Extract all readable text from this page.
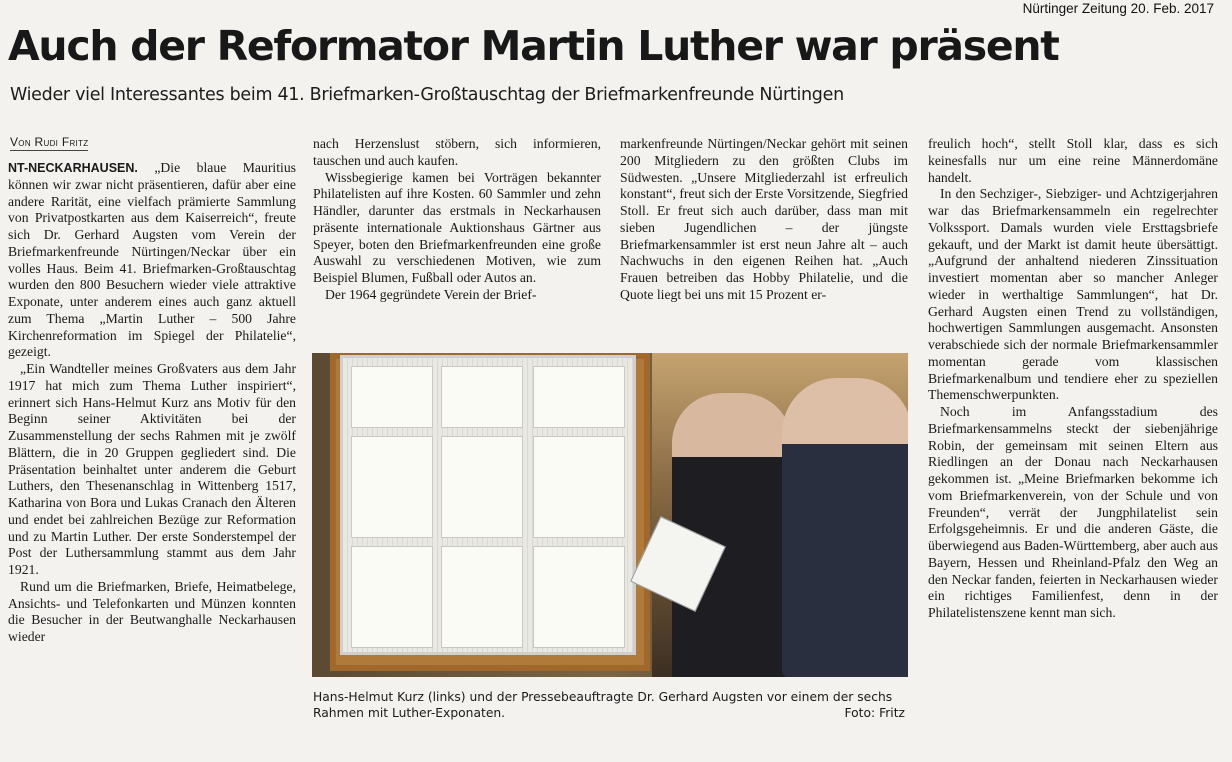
Nürtinger Zeitung 20. Feb. 2017
Auch der Reformator Martin Luther war präsent
Wieder viel Interessantes beim 41. Briefmarken-Großtauschtag der Briefmarkenfreunde Nürtingen
Von Rudi Fritz

NT-NECKARHAUSEN. „Die blaue Mauritius können wir zwar nicht präsentieren, dafür aber eine andere Rarität, eine vielfach prämierte Sammlung von Privatpostkarten aus dem Kaiserreich“, freute sich Dr. Gerhard Augsten vom Verein der Briefmarkenfreunde Nürtingen/Neckar über ein volles Haus. Beim 41. Briefmarken-Großtauschtag wurden den 800 Besuchern wieder viele attraktive Exponate, unter anderem eines auch ganz aktuell zum Thema „Martin Luther – 500 Jahre Kirchenreformation im Spiegel der Philatelie“, gezeigt.

„Ein Wandteller meines Großvaters aus dem Jahr 1917 hat mich zum Thema Luther inspiriert“, erinnert sich Hans-Helmut Kurz ans Motiv für den Beginn seiner Aktivitäten bei der Zusammenstellung der sechs Rahmen mit je zwölf Blättern, die in 20 Gruppen gegliedert sind. Die Präsentation beinhaltet unter anderem die Geburt Luthers, den Thesenanschlag in Wittenberg 1517, Katharina von Bora und Lukas Cranach den Älteren und endet bei zahlreichen Bezüge zur Reformation und zu Martin Luther. Der erste Sonderstempel der Post der Luthersammlung stammt aus dem Jahr 1921.

Rund um die Briefmarken, Briefe, Heimatbelege, Ansichts- und Telefonkarten und Münzen konnten die Besucher in der Beutwanghalle Neckarhausen wieder

nach Herzenslust stöbern, sich informieren, tauschen und auch kaufen.

Wissbegierige kamen bei Vorträgen bekannter Philatelisten auf ihre Kosten. 60 Sammler und zehn Händler, darunter das erstmals in Neckarhausen präsente internationale Auktionshaus Gärtner aus Speyer, boten den Briefmarkenfreunden eine große Auswahl zu verschiedenen Motiven, wie zum Beispiel Blumen, Fußball oder Autos an.

Der 1964 gegründete Verein der Brief-

markenfreunde Nürtingen/Neckar gehört mit seinen 200 Mitgliedern zu den größten Clubs im Südwesten. „Unsere Mitgliederzahl ist erfreulich konstant“, freut sich der Erste Vorsitzende, Siegfried Stoll. Er freut sich auch darüber, dass man mit sieben Jugendlichen – der jüngste Briefmarkensammler ist erst neun Jahre alt – auch Nachwuchs in den eigenen Reihen hat. „Auch Frauen betreiben das Hobby Philatelie, und die Quote liegt bei uns mit 15 Prozent er-

freulich hoch“, stellt Stoll klar, dass es sich keinesfalls nur um eine reine Männerdomäne handelt.

In den Sechziger-, Siebziger- und Achtzigerjahren war das Briefmarkensammeln ein regelrechter Volkssport. Damals wurden viele Ersttagsbriefe gekauft, und der Markt ist damit heute übersättigt. „Aufgrund der anhaltend niederen Zinssituation investiert momentan aber so mancher Anleger wieder in werthaltige Sammlungen“, hat Dr. Gerhard Augsten einen Trend zu vollständigen, hochwertigen Sammlungen ausgemacht. Ansonsten verabschiede sich der normale Briefmarkensammler momentan gerade vom klassischen Briefmarkenalbum und tendiere eher zu speziellen Themenschwerpunkten.

Noch im Anfangsstadium des Briefmarkensammelns steckt der siebenjährige Robin, der gemeinsam mit seinen Eltern aus Riedlingen an der Donau nach Neckarhausen gekommen ist. „Meine Briefmarken bekomme ich vom Briefmarkenverein, von der Schule und von Freunden“, verrät der Jungphilatelist sein Erfolgsgeheimnis. Er und die anderen Gäste, die überwiegend aus Baden-Württemberg, aber auch aus Bayern, Hessen und Rheinland-Pfalz den Weg an den Neckar fanden, feierten in Neckarhausen wieder ein richtiges Familienfest, denn in der Philatelistenszene kennt man sich.

Hans-Helmut Kurz (links) und der Pressebeauftragte Dr. Gerhard Augsten vor einem der sechs Rahmen mit Luther-Exponaten.	Foto: Fritz
